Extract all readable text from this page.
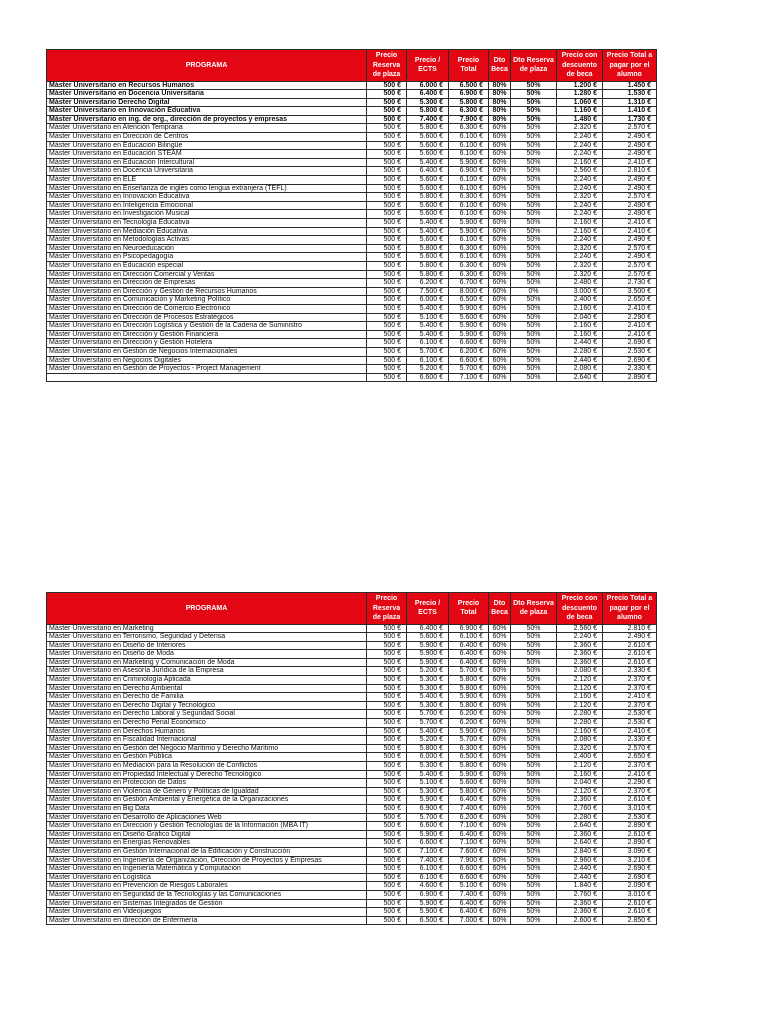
PROGRAMA	Precio Reserva de plaza	Precio / ECTS	Precio Total	Dto Beca	Dto Reserva de plaza	Precio con descuento de beca	Precio Total a pagar por el alumno
Máster Universitario en Recursos Humanos	500 €	6.000 €	6.500 €	80%	50%	1.200 €	1.450 €
Máster Universitario en Docencia Universitaria	500 €	6.400 €	6.900 €	80%	50%	1.280 €	1.530 €
Máster Universitario Derecho Digital	500 €	5.300 €	5.800 €	80%	50%	1.060 €	1.310 €
Máster Universitario en Innovación Educativa	500 €	5.800 €	6.300 €	80%	50%	1.160 €	1.410 €
Máster Universitario en ing. de org., dirección de proyectos y empresas	500 €	7.400 €	7.900 €	80%	50%	1.480 €	1.730 €
Máster Universitario en Atención Temprana	500 €	5.800 €	6.300 €	60%	50%	2.320 €	2.570 €
Máster Universitario en Dirección de Centros	500 €	5.600 €	6.100 €	60%	50%	2.240 €	2.490 €
Máster Universitario en Educación Bilingüe	500 €	5.600 €	6.100 €	60%	50%	2.240 €	2.490 €
Máster Universitario en Educación STEAM	500 €	5.600 €	6.100 €	60%	50%	2.240 €	2.490 €
Máster Universitario en Educación Intercultural	500 €	5.400 €	5.900 €	60%	50%	2.160 €	2.410 €
Máster Universitario en Docencia Universitaria	500 €	6.400 €	6.900 €	60%	50%	2.560 €	2.810 €
Máster Universitario en ELE	500 €	5.600 €	6.100 €	60%	50%	2.240 €	2.490 €
Máster Universitario en Enseñanza de inglés como lengua extranjera (TEFL)	500 €	5.600 €	6.100 €	60%	50%	2.240 €	2.490 €
Máster Universitario en Innovación Educativa	500 €	5.800 €	6.300 €	60%	50%	2.320 €	2.570 €
Máster Universitario en Inteligencia Emocional	500 €	5.600 €	6.100 €	60%	50%	2.240 €	2.490 €
Máster Universitario en Investigación Musical	500 €	5.600 €	6.100 €	60%	50%	2.240 €	2.490 €
Máster Universitario en Tecnología Educativa	500 €	5.400 €	5.900 €	60%	50%	2.160 €	2.410 €
Máster Universitario en Mediación Educativa	500 €	5.400 €	5.900 €	60%	50%	2.160 €	2.410 €
Máster Universitario en Metodologías Activas	500 €	5.600 €	6.100 €	60%	50%	2.240 €	2.490 €
Máster Universitario en Neuroeducación	500 €	5.800 €	6.300 €	60%	50%	2.320 €	2.570 €
Máster Universitario en Psicopedagogía	500 €	5.600 €	6.100 €	60%	50%	2.240 €	2.490 €
Máster Universitario en Educación especial	500 €	5.800 €	6.300 €	60%	50%	2.320 €	2.570 €
Máster Universitario en Dirección Comercial y Ventas	500 €	5.800 €	6.300 €	60%	50%	2.320 €	2.570 €
Máster Universitario en Dirección de Empresas	500 €	6.200 €	6.700 €	60%	50%	2.480 €	2.730 €
Máster Universitario en Dirección y Gestión de Recursos Humanos	500 €	7.500 €	8.000 €	60%	0%	3.000 €	3.500 €
Máster Universitario en Comunicación y Marketing Político	500 €	6.000 €	6.500 €	60%	50%	2.400 €	2.650 €
Máster Universitario en Dirección de Comercio Electrónico	500 €	5.400 €	5.900 €	60%	50%	2.160 €	2.410 €
Máster Universitario en Dirección de Procesos Estratégicos	500 €	5.100 €	5.600 €	60%	50%	2.040 €	2.290 €
Máster Universitario en Dirección Logística y Gestión de la Cadena de Suministro	500 €	5.400 €	5.900 €	60%	50%	2.160 €	2.410 €
Máster Universitario en Dirección y Gestión Financiera	500 €	5.400 €	5.900 €	60%	50%	2.160 €	2.410 €
Máster Universitario en Dirección y Gestión Hotelera	500 €	6.100 €	6.600 €	60%	50%	2.440 €	2.690 €
Máster Universitario en Gestión de Negocios Internacionales	500 €	5.700 €	6.200 €	60%	50%	2.280 €	2.530 €
Máster Universitario en Negocios Digitales	500 €	6.100 €	6.600 €	60%	50%	2.440 €	2.690 €
Máster Universitario en Gestión de Proyectos - Project Management	500 €	5.200 €	5.700 €	60%	50%	2.080 €	2.330 €
	500 €	6.600 €	7.100 €	60%	50%	2.640 €	2.890 €
PROGRAMA	Precio Reserva de plaza	Precio / ECTS	Precio Total	Dto Beca	Dto Reserva de plaza	Precio con descuento de beca	Precio Total a pagar por el alumno
Máster Universitario en Marketing	500 €	6.400 €	6.900 €	60%	50%	2.560 €	2.810 €
Máster Universitario en Terrorismo, Seguridad y Defensa	500 €	5.600 €	6.100 €	60%	50%	2.240 €	2.490 €
Máster Universitario en Diseño de Interiores	500 €	5.900 €	6.400 €	60%	50%	2.360 €	2.610 €
Máster Universitario en Diseño de Moda	500 €	5.900 €	6.400 €	60%	50%	2.360 €	2.610 €
Máster Universitario en Marketing y Comunicación de Moda	500 €	5.900 €	6.400 €	60%	50%	2.360 €	2.610 €
Máster Universitario en Asesoría Jurídica de la Empresa	500 €	5.200 €	5.700 €	60%	50%	2.080 €	2.330 €
Máster Universitario en Criminología Aplicada	500 €	5.300 €	5.800 €	60%	50%	2.120 €	2.370 €
Máster Universitario en Derecho Ambiental	500 €	5.300 €	5.800 €	60%	50%	2.120 €	2.370 €
Máster Universitario en Derecho de Familia	500 €	5.400 €	5.900 €	60%	50%	2.160 €	2.410 €
Máster Universitario en Derecho Digital y Tecnológico	500 €	5.300 €	5.800 €	60%	50%	2.120 €	2.370 €
Máster Universitario en Derecho Laboral y Seguridad Social	500 €	5.700 €	6.200 €	60%	50%	2.280 €	2.530 €
Máster Universitario en Derecho Penal Económico	500 €	5.700 €	6.200 €	60%	50%	2.280 €	2.530 €
Máster Universitario en Derechos Humanos	500 €	5.400 €	5.900 €	60%	50%	2.160 €	2.410 €
Máster Universitario en Fiscalidad Internacional	500 €	5.200 €	5.700 €	60%	50%	2.080 €	2.330 €
Máster Universitario en Gestión del Negocio Marítimo y Derecho Marítimo	500 €	5.800 €	6.300 €	60%	50%	2.320 €	2.570 €
Máster Universitario en Gestión Pública	500 €	6.000 €	6.500 €	60%	50%	2.400 €	2.650 €
Máster Universitario en Mediación para la Resolución de Conflictos	500 €	5.300 €	5.800 €	60%	50%	2.120 €	2.370 €
Máster Universitario en Propiedad Intelectual y Derecho Tecnológico	500 €	5.400 €	5.900 €	60%	50%	2.160 €	2.410 €
Máster Universitario en Protección de Datos	500 €	5.100 €	5.600 €	60%	50%	2.040 €	2.290 €
Máster Universitario en Violencia de Género y Políticas de Igualdad	500 €	5.300 €	5.800 €	60%	50%	2.120 €	2.370 €
Máster Universitario en Gestión Ambiental y Energética de la Organizaciones	500 €	5.900 €	6.400 €	60%	50%	2.360 €	2.610 €
Máster Universitario en Big Data	500 €	6.900 €	7.400 €	60%	50%	2.760 €	3.010 €
Máster Universitario en Desarrollo de Aplicaciones Web	500 €	5.700 €	6.200 €	60%	50%	2.280 €	2.530 €
Máster Universitario en Dirección y Gestión Tecnologías de la Información (MBA IT)	500 €	6.600 €	7.100 €	60%	50%	2.640 €	2.890 €
Máster Universitario en Diseño Gráfico Digital	500 €	5.900 €	6.400 €	60%	50%	2.360 €	2.610 €
Máster Universitario en Energías Renovables	500 €	6.600 €	7.100 €	60%	50%	2.640 €	2.890 €
Máster Universitario en Gestión Internacional de la Edificación y Construcción	500 €	7.100 €	7.600 €	60%	50%	2.840 €	3.090 €
Máster Universitario en Ingeniería de Organización, Dirección de Proyectos y Empresas	500 €	7.400 €	7.900 €	60%	50%	2.960 €	3.210 €
Máster Universitario en Ingeniería Matemática y Computación	500 €	6.100 €	6.600 €	60%	50%	2.440 €	2.690 €
Máster Universitario en Logística	500 €	6.100 €	6.600 €	60%	50%	2.440 €	2.690 €
Máster Universitario en Prevención de Riesgos Laborales	500 €	4.600 €	5.100 €	60%	50%	1.840 €	2.090 €
Máster Universitario en Seguridad de la Tecnologías y las Comunicaciones	500 €	6.900 €	7.400 €	60%	50%	2.760 €	3.010 €
Máster Universitario en Sistemas Integrados de Gestión	500 €	5.900 €	6.400 €	60%	50%	2.360 €	2.610 €
Máster Universitario en Videojuegos	500 €	5.900 €	6.400 €	60%	50%	2.360 €	2.610 €
Máster Universitario en dirección de Enfermería	500 €	6.500 €	7.000 €	60%	50%	2.600 €	2.850 €
